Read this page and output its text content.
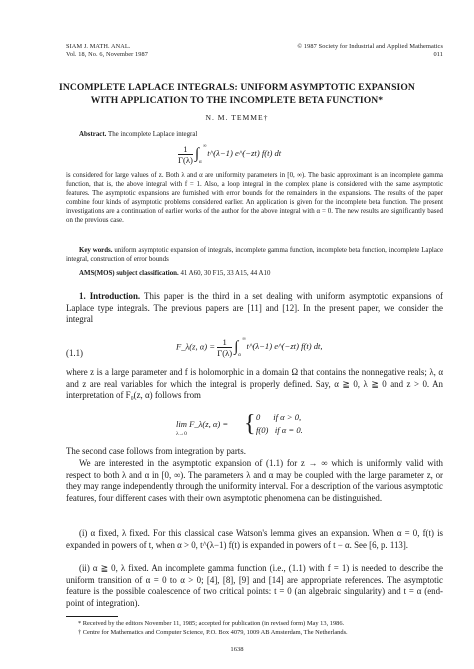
SIAM J. MATH. ANAL.
Vol. 18, No. 6, November 1987
© 1987 Society for Industrial and Applied Mathematics
011
INCOMPLETE LAPLACE INTEGRALS: UNIFORM ASYMPTOTIC EXPANSION
WITH APPLICATION TO THE INCOMPLETE BETA FUNCTION*
N. M. TEMME†
Abstract. The incomplete Laplace integral
$\frac{1}{\Gamma(\lambda)}$ ∫ ∞
α
t^(λ−1) e^(−zt) f(t) dt
is considered for large values of z. Both λ and α are uniformity parameters in [0, ∞). The basic approximant is an incomplete gamma function, that is, the above integral with f = 1. Also, a loop integral in the complex plane is considered with the same asymptotic features. The asymptotic expansions are furnished with error bounds for the remainders in the expansions. The results of the paper combine four kinds of asymptotic problems considered earlier. An application is given for the incomplete beta function. The present investigations are a continuation of earlier works of the author for the above integral with α = 0. The new results are significantly based on the previous case.
Key words. uniform asymptotic expansion of integrals, incomplete gamma function, incomplete beta function, incomplete Laplace integral, construction of error bounds
AMS(MOS) subject classification. 41 A60, 30 F15, 33 A15, 44 A10
1. Introduction. This paper is the third in a set dealing with uniform asymptotic expansions of Laplace type integrals. The previous papers are [11] and [12]. In the present paper, we consider the integral
(1.1)
F_λ(z, $\alpha) = \frac{1}{\Gamma(\lambda)}$ ∫ ∞
α
t^(λ−1) e^(−zt) f(t) dt,
where z is a large parameter and f is holomorphic in a domain Ω that contains the nonnegative reals; λ, α and z are real variables for which the integral is properly defined. Say, α ≧ 0, λ ≧ 0 and z > 0. An interpretation of F₀(z, α) follows from
lim F_λ(z, α) =
λ→0 { 0      if α > 0,
f(0)   if α = 0.
The second case follows from integration by parts.
We are interested in the asymptotic expansion of (1.1) for z → ∞ which is uniformly valid with respect to both λ and α in [0, ∞). The parameters λ and α may be coupled with the large parameter z, or they may range independently through the uniformity interval. For a description of the various asymptotic features, four different cases with their own asymptotic phenomena can be distinguished.
(i) α fixed, λ fixed. For this classical case Watson's lemma gives an expansion. When α = 0, f(t) is expanded in powers of t, when α > 0, t^(λ−1) f(t) is expanded in powers of t − α. See [6, p. 113].
(ii) α ≧ 0, λ fixed. An incomplete gamma function (i.e., (1.1) with f = 1) is needed to describe the uniform transition of α = 0 to α > 0; [4], [8], [9] and [14] are appropriate references. The asymptotic feature is the possible coalescence of two critical points: t = 0 (an algebraic singularity) and t = α (end-point of integration).
* Received by the editors November 11, 1985; accepted for publication (in revised form) May 13, 1986.
† Centre for Mathematics and Computer Science, P.O. Box 4079, 1009 AB Amsterdam, The Netherlands.
1638
